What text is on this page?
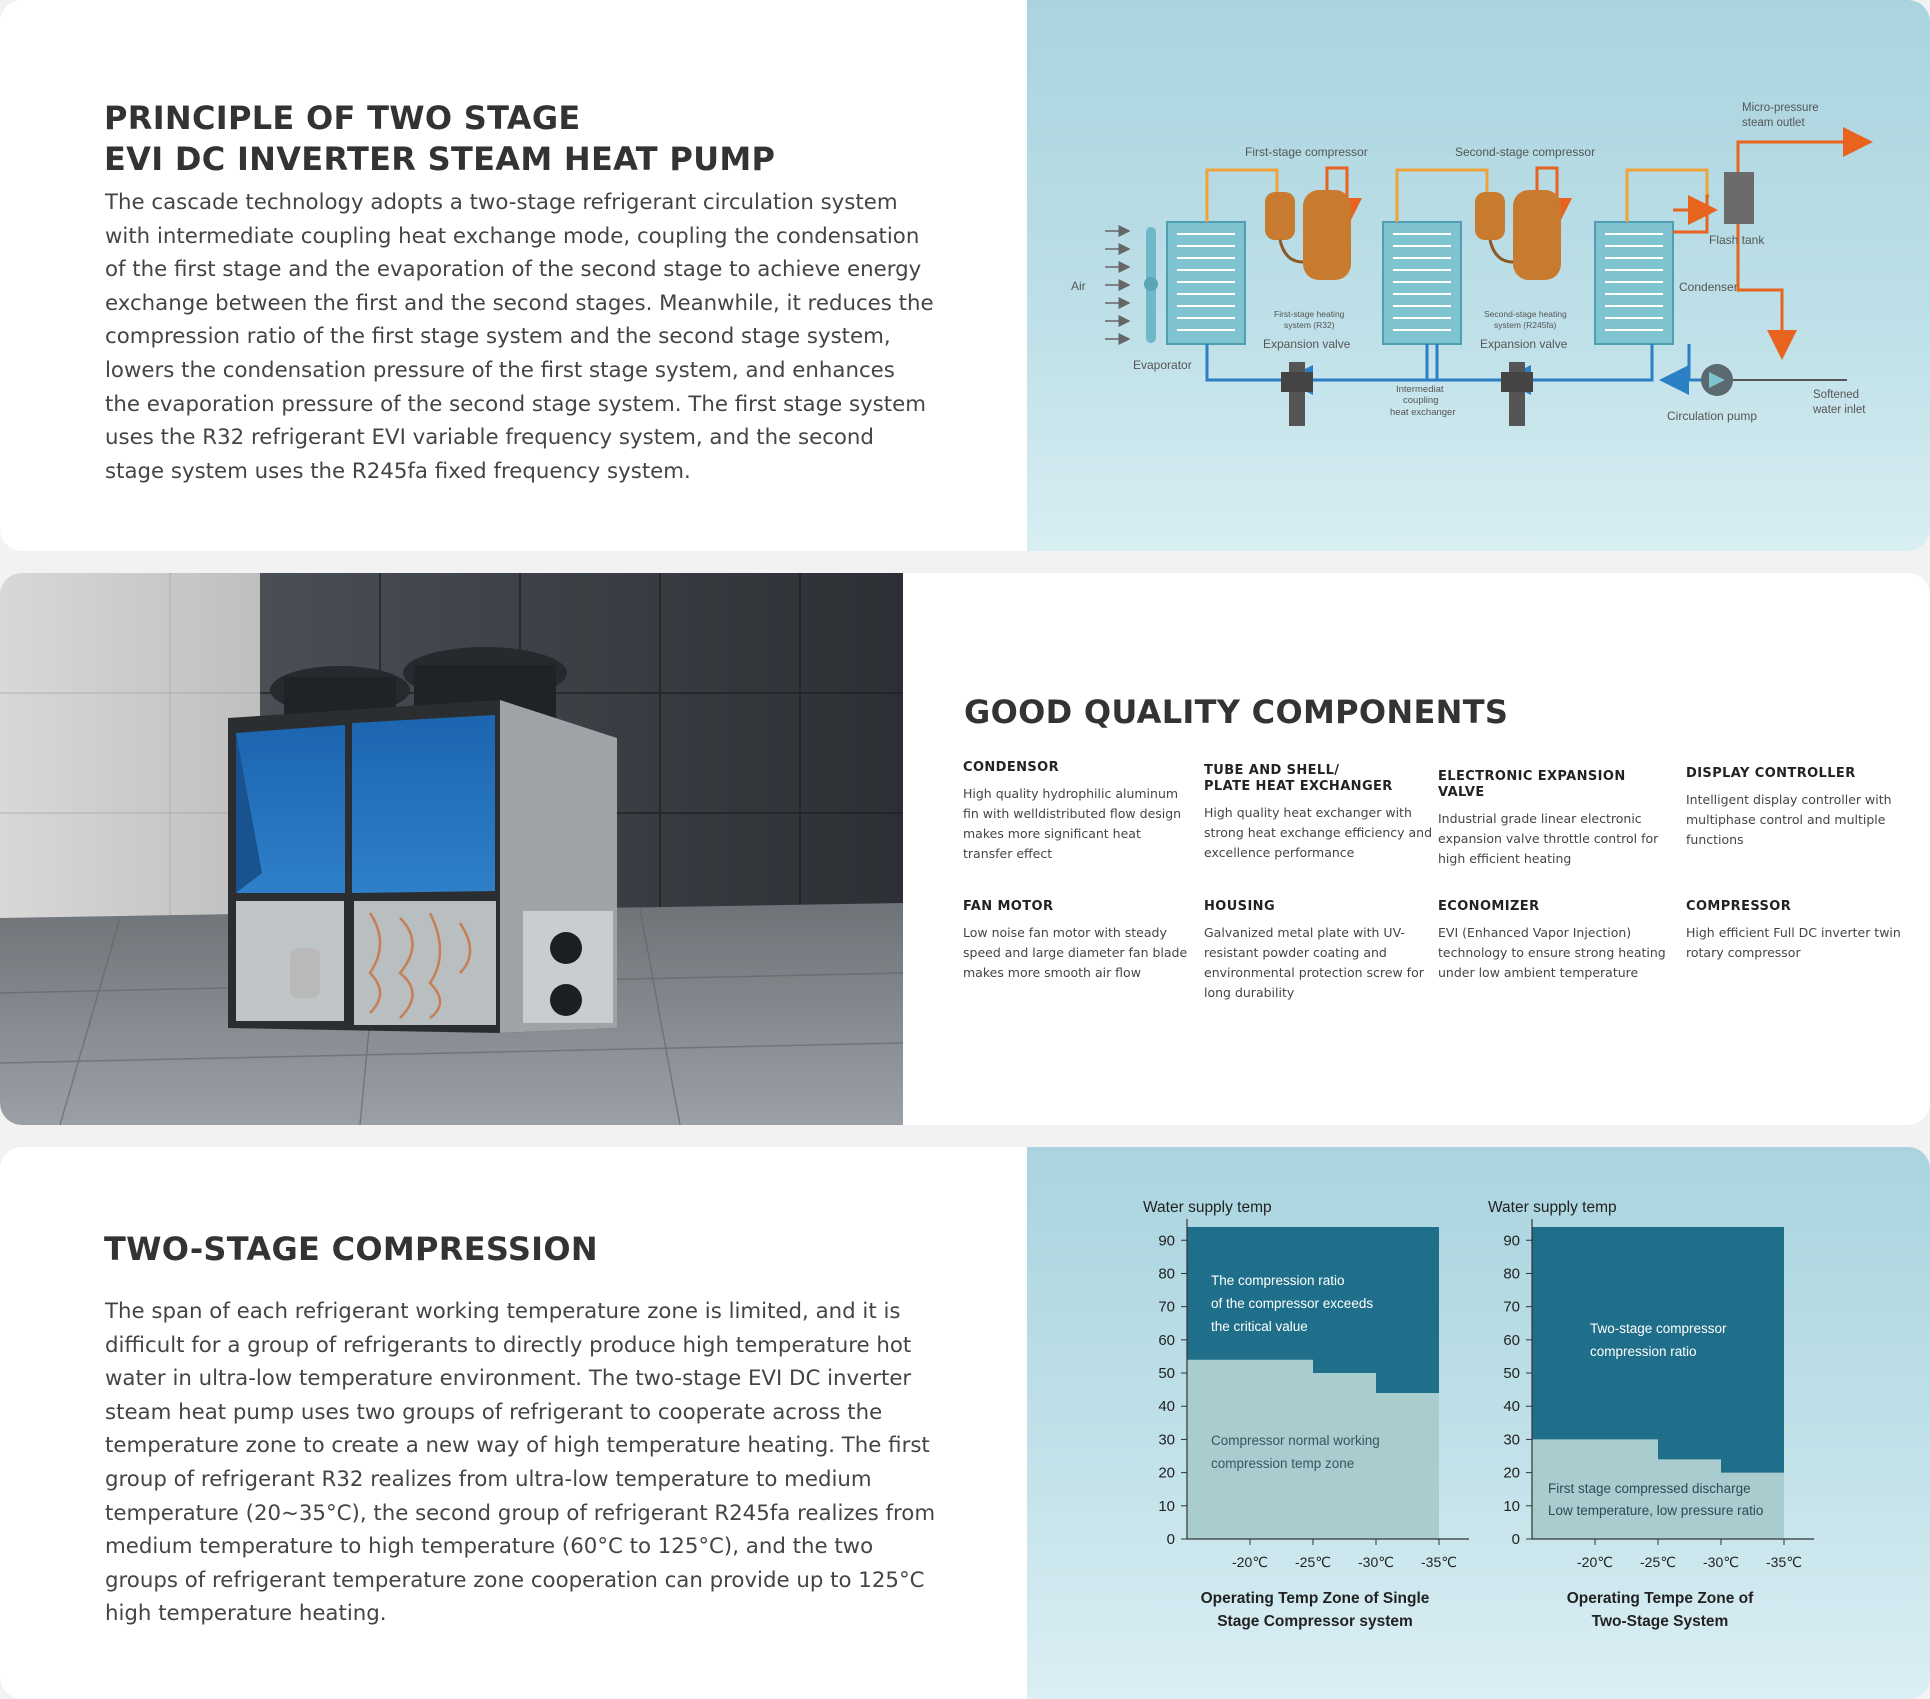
PRINCIPLE OF TWO STAGE
EVI DC INVERTER STEAM HEAT PUMP

The cascade technology adopts a two-stage refrigerant circulation system with intermediate coupling heat exchange mode, coupling the condensation of the first stage and the evaporation of the second stage to achieve energy exchange between the first and the second stages. Meanwhile, it reduces the compression ratio of the first stage system and the second stage system, lowers the condensation pressure of the first stage system, and enhances the evaporation pressure of the second stage system. The first stage system uses the R32 refrigerant EVI variable frequency system, and the second stage system uses the R245fa fixed frequency system.

Air
Evaporator
Intermediat
coupling
heat exchanger
Condenser
First-stage compressor	Second-stage compressor
First-stage heating
system (R32)
Second-stage heating
system (R245fa)
Expansion valve	Expansion valve
Flash tank
Micro-pressure
steam outlet
Circulation pump
Softened
water inlet
GOOD QUALITY COMPONENTS
CONDENSOR
High quality hydrophilic aluminum fin with welldistributed flow design makes more significant heat transfer effect
TUBE AND SHELL/
PLATE HEAT EXCHANGER
High quality heat exchanger with strong heat exchange efficiency and excellence performance
ELECTRONIC EXPANSION VALVE
Industrial grade linear electronic expansion valve throttle control for high efficient heating
DISPLAY CONTROLLER
Intelligent display controller with multiphase control and multiple functions
FAN MOTOR
Low noise fan motor with steady speed and large diameter fan blade makes more smooth air flow
HOUSING
Galvanized metal plate with UV-resistant powder coating and environmental protection screw for long durability
ECONOMIZER
EVI (Enhanced Vapor Injection) technology to ensure strong heating under low ambient temperature
COMPRESSOR
High efficient Full DC inverter twin rotary compressor
TWO-STAGE COMPRESSION

The span of each refrigerant working temperature zone is limited, and it is difficult for a group of refrigerants to directly produce high temperature hot water in ultra-low temperature environment. The two-stage EVI DC inverter steam heat pump uses two groups of refrigerant to cooperate across the temperature zone to create a new way of high temperature heating. The first group of refrigerant R32 realizes from ultra-low temperature to medium temperature (20~35°C), the second group of refrigerant R245fa realizes from medium temperature to high temperature (60°C to 125°C), and the two groups of refrigerant temperature zone cooperation can provide up to 125°C high temperature heating.

0
10
20
30
40
50
60
70
80
90
-20℃ -25℃ -30℃ -35℃
Water supply temp
Operating Temp Zone of Single
Stage Compressor system
The compression ratio
of the compressor exceeds
the critical value
Compressor normal working
compression temp zone
0
10
20
30
40
50
60
70
80
90
-20℃ -25℃ -30℃ -35℃
Water supply temp
Operating Tempe Zone of
Two-Stage System
Two-stage compressor
compression ratio
First stage compressed discharge
Low temperature, low pressure ratio
